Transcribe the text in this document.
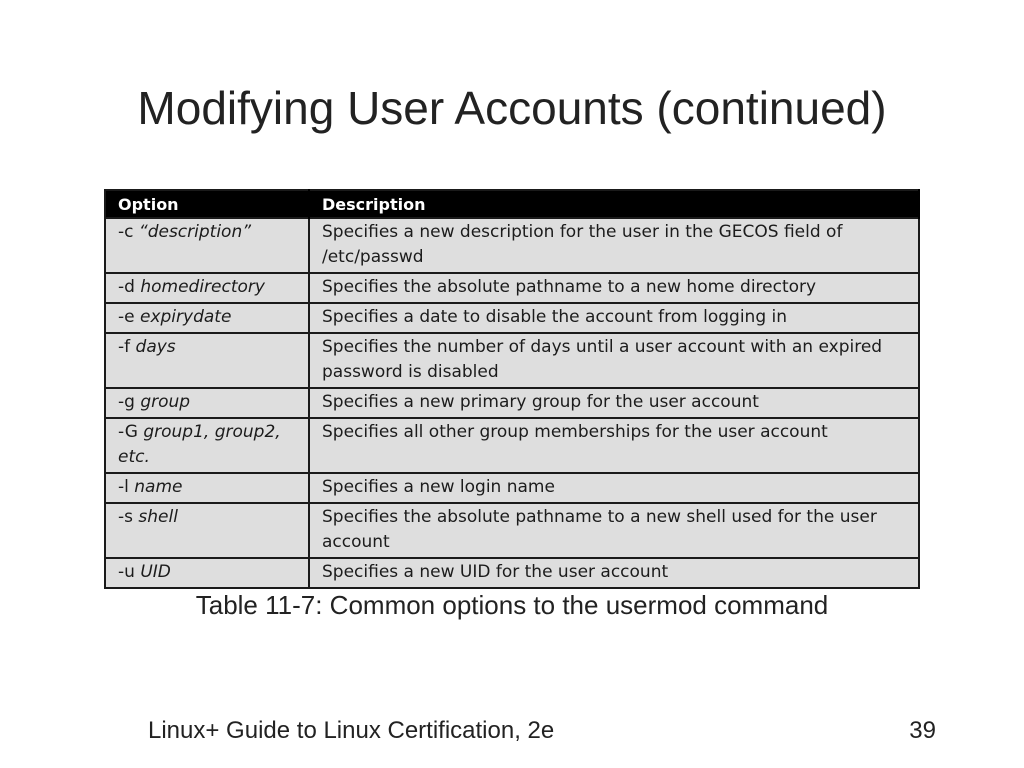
Modifying User Accounts (continued)
Option	Description
-c “description”	Specifies a new description for the user in the GECOS field of /etc/passwd
-d homedirectory	Specifies the absolute pathname to a new home directory
-e expirydate	Specifies a date to disable the account from logging in
-f days	Specifies the number of days until a user account with an expired password is disabled
-g group	Specifies a new primary group for the user account
-G group1, group2, etc.	Specifies all other group memberships for the user account
-l name	Specifies a new login name
-s shell	Specifies the absolute pathname to a new shell used for the user account
-u UID	Specifies a new UID for the user account
Table 11-7: Common options to the usermod command
Linux+ Guide to Linux Certification, 2e	39
